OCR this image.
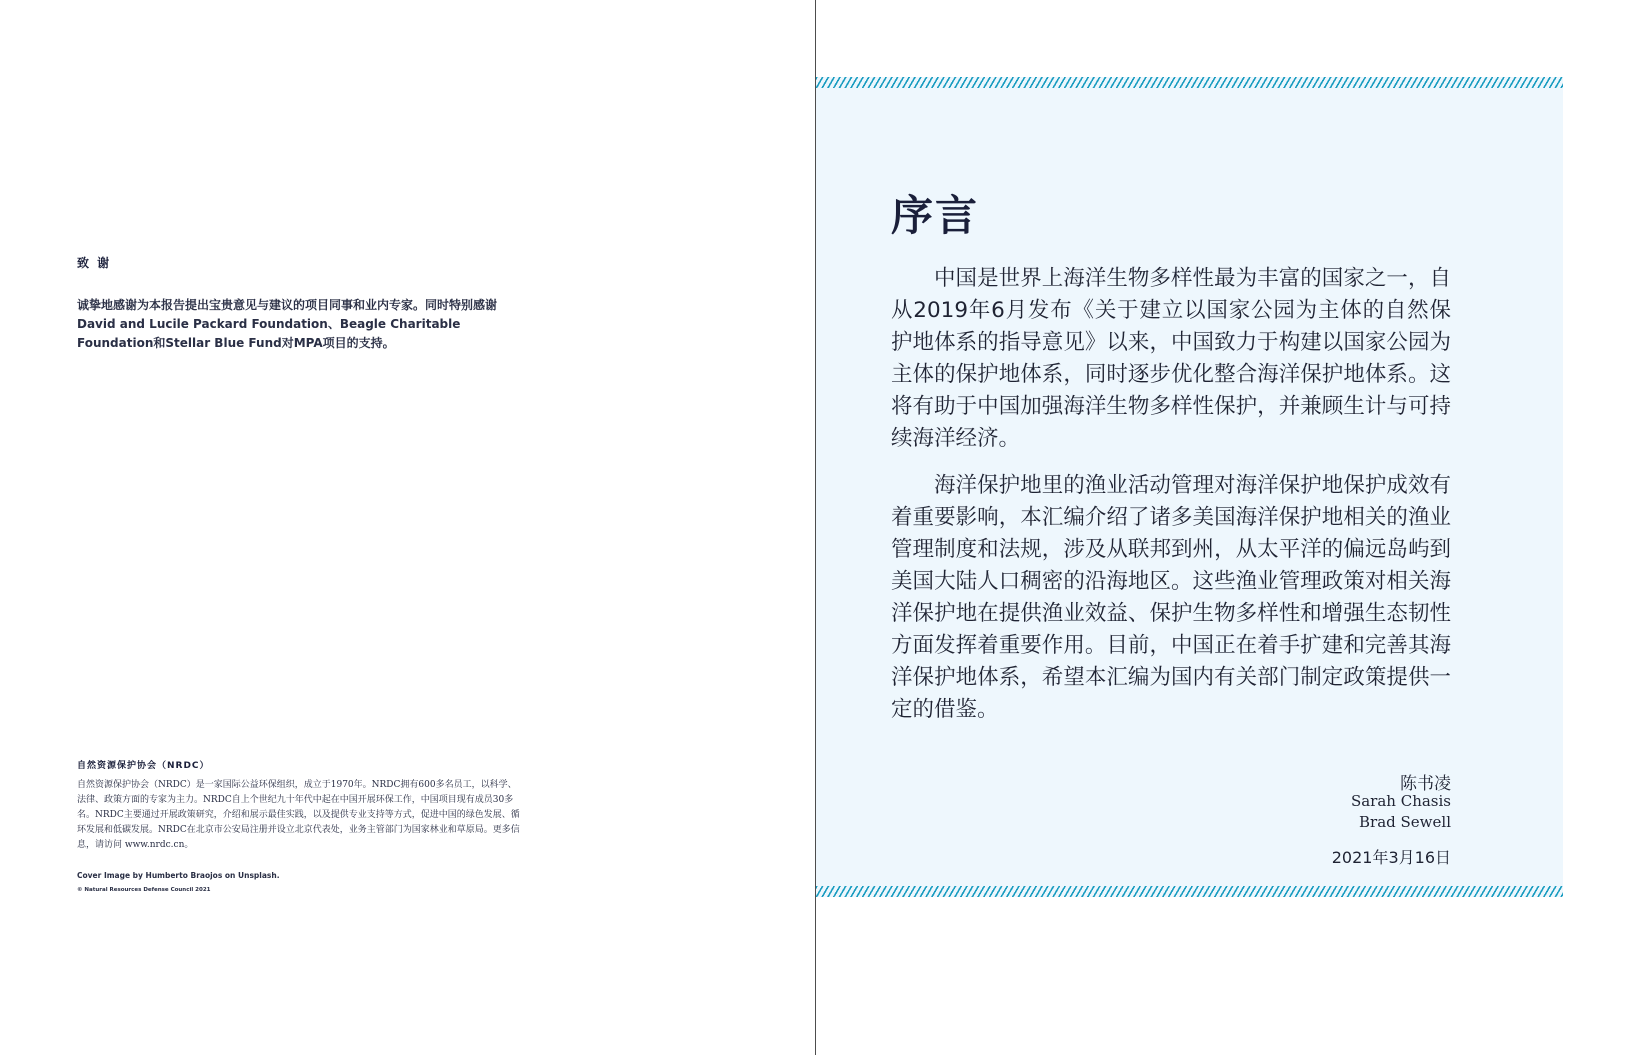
致 谢
诚挚地感谢为本报告提出宝贵意见与建议的项目同事和业内专家。同时特别感谢David and Lucile Packard Foundation、Beagle Charitable Foundation和Stellar Blue Fund对MPA项目的支持。
自然资源保护协会（NRDC）
自然资源保护协会（NRDC）是一家国际公益环保组织，成立于1970年。NRDC拥有600多名员工，以科学、法律、政策方面的专家为主力。NRDC自上个世纪九十年代中起在中国开展环保工作，中国项目现有成员30多名。NRDC主要通过开展政策研究，介绍和展示最佳实践，以及提供专业支持等方式，促进中国的绿色发展、循环发展和低碳发展。NRDC在北京市公安局注册并设立北京代表处，业务主管部门为国家林业和草原局。更多信息，请访问 www.nrdc.cn。
Cover Image by Humberto Braojos on Unsplash.
© Natural Resources Defense Council 2021
序言
中国是世界上海洋生物多样性最为丰富的国家之一，自从2019年6月发布《关于建立以国家公园为主体的自然保护地体系的指导意见》以来，中国致力于构建以国家公园为主体的保护地体系，同时逐步优化整合海洋保护地体系。这将有助于中国加强海洋生物多样性保护，并兼顾生计与可持续海洋经济。
海洋保护地里的渔业活动管理对海洋保护地保护成效有着重要影响，本汇编介绍了诸多美国海洋保护地相关的渔业管理制度和法规，涉及从联邦到州，从太平洋的偏远岛屿到美国大陆人口稠密的沿海地区。这些渔业管理政策对相关海洋保护地在提供渔业效益、保护生物多样性和增强生态韧性方面发挥着重要作用。目前，中国正在着手扩建和完善其海洋保护地体系，希望本汇编为国内有关部门制定政策提供一定的借鉴。
陈书凌
Sarah Chasis
Brad Sewell
2021年3月16日
